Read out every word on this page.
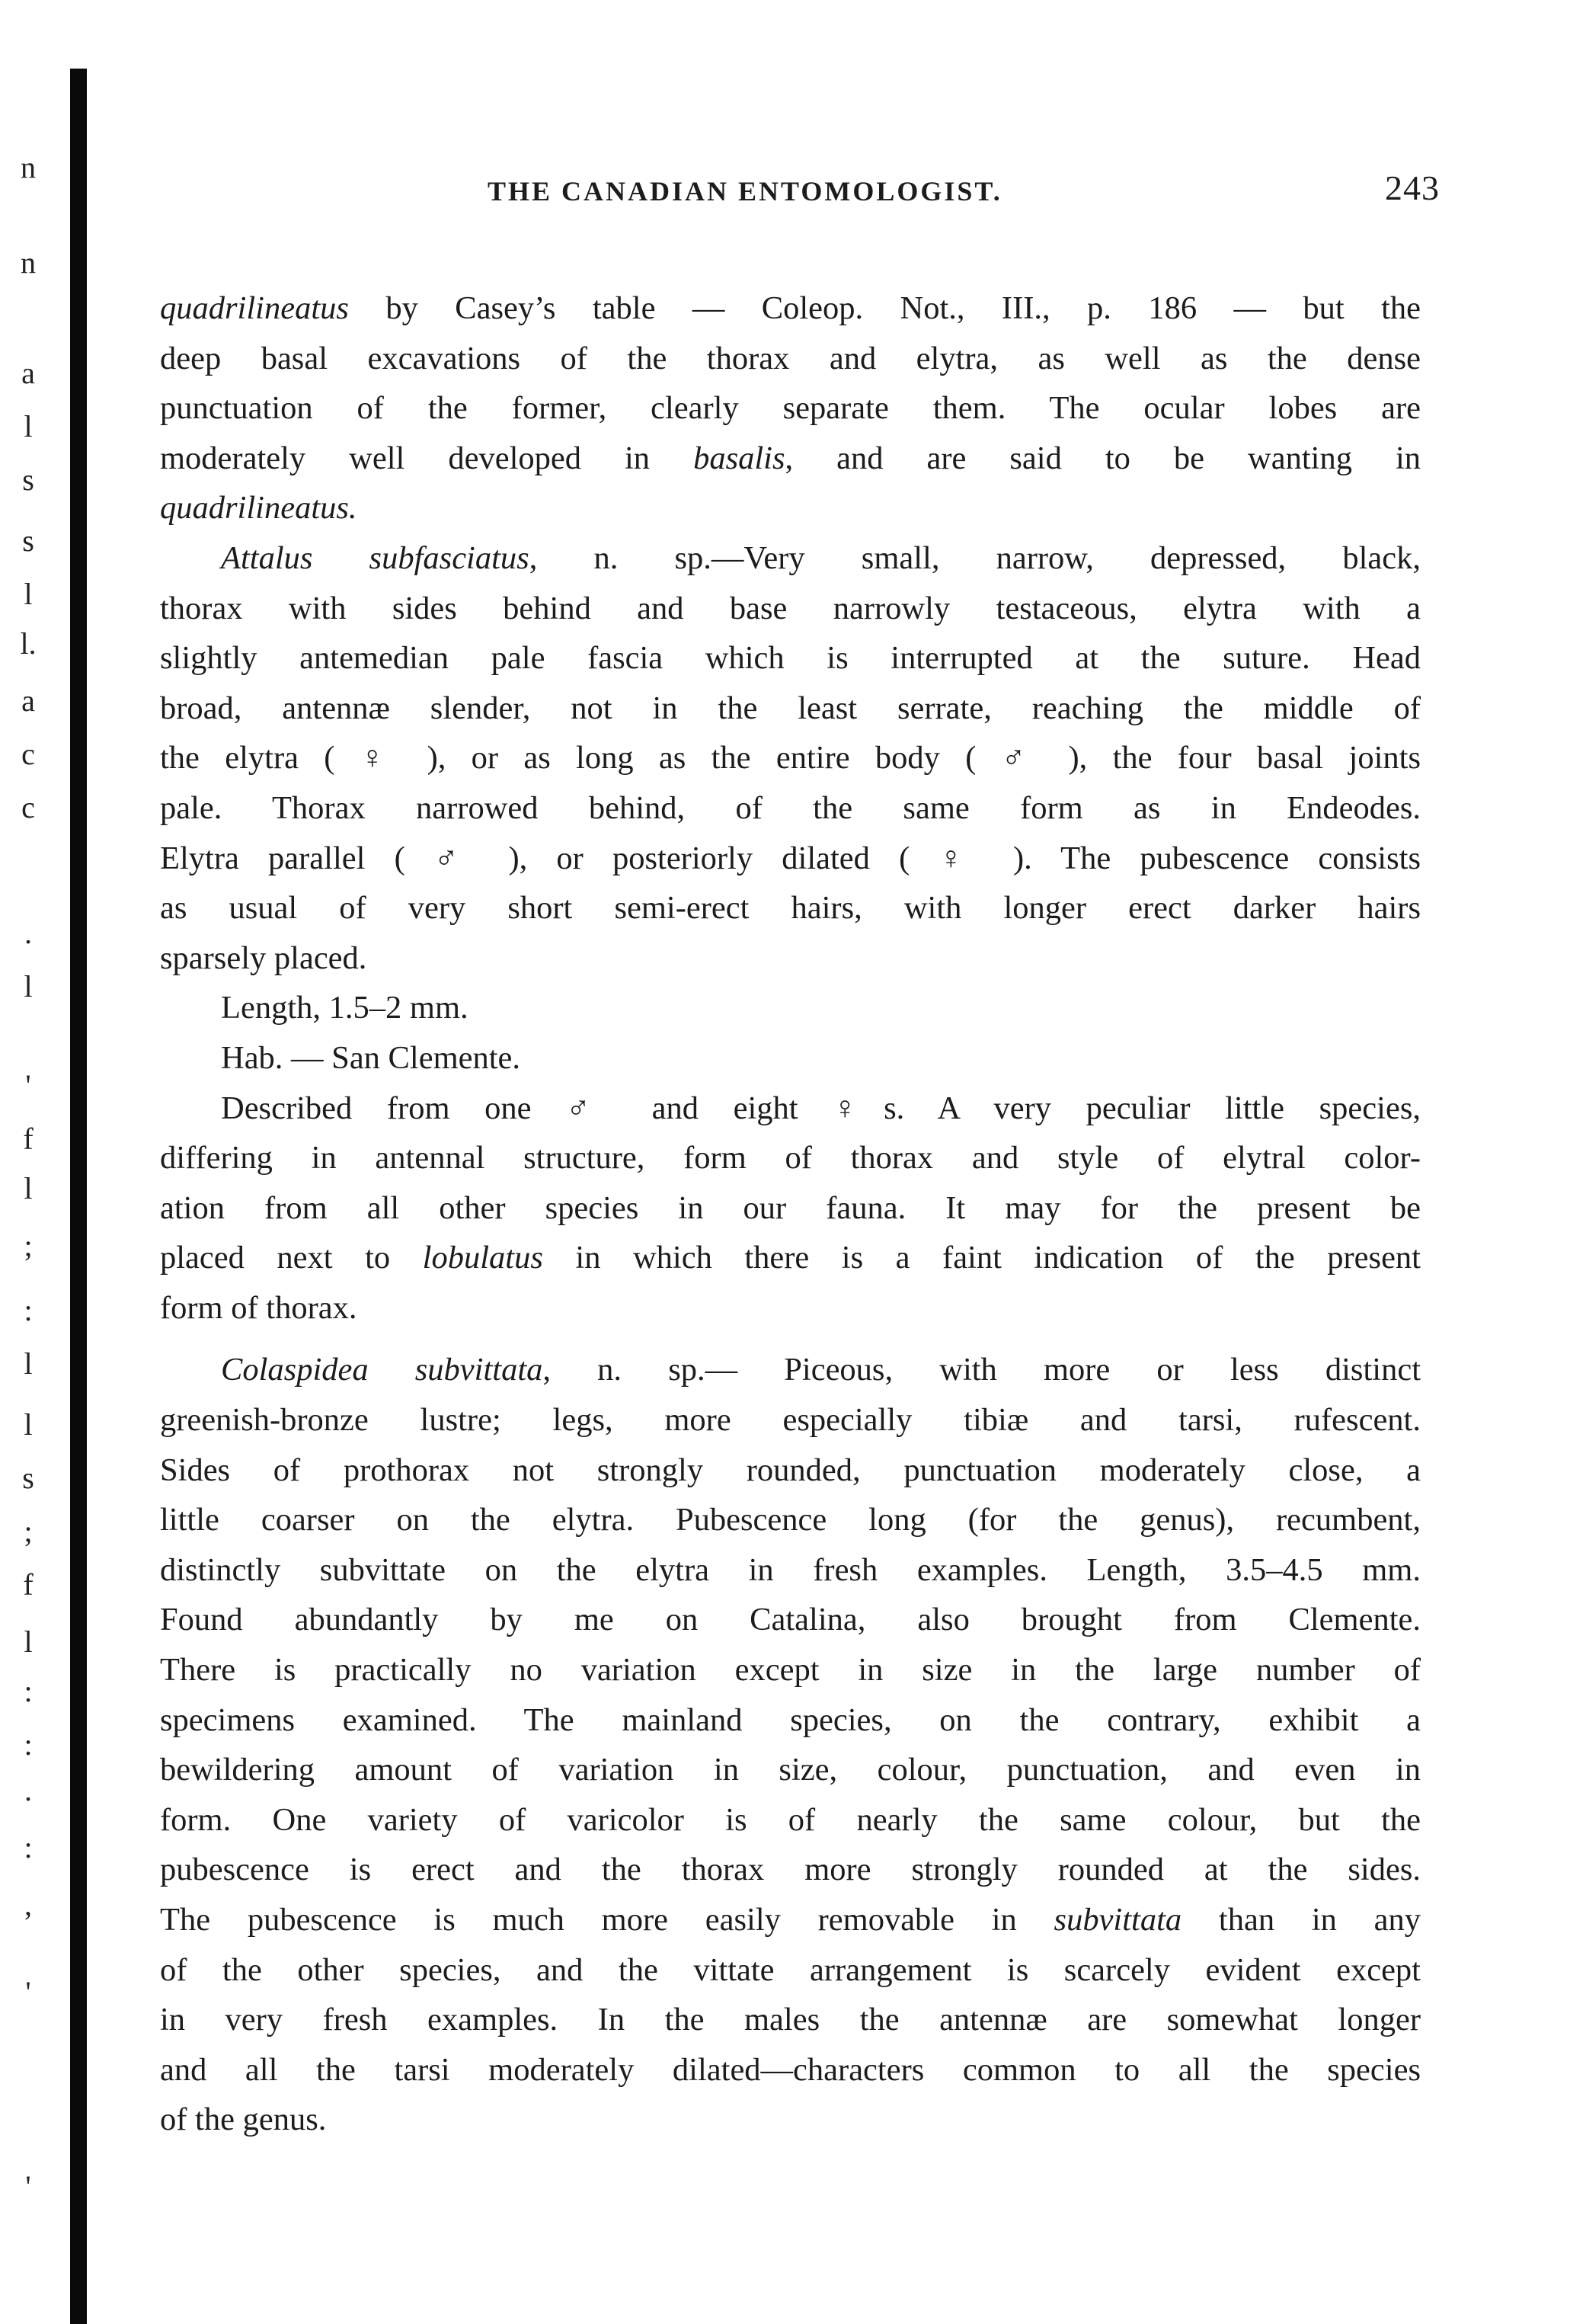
n
n
a
l
s
s
l
l.
a
c
c
.
l
'
f
l
;
:
l
l
s
;
f
l
:
:
.
:
,
'
'
THE CANADIAN ENTOMOLOGIST.	243
quadrilineatus by Casey’s table — Coleop. Not., III., p. 186 — but the
deep basal excavations of the thorax and elytra, as well as the dense
punctuation of the former, clearly separate them. The ocular lobes are
moderately well developed in basalis, and are said to be wanting in
quadrilineatus.
Attalus subfasciatus, n. sp.—Very small, narrow, depressed, black,
thorax with sides behind and base narrowly testaceous, elytra with a
slightly antemedian pale fascia which is interrupted at the suture. Head
broad, antennæ slender, not in the least serrate, reaching the middle of
the elytra ( ♀ ), or as long as the entire body ( ♂ ), the four basal joints
pale. Thorax narrowed behind, of the same form as in Endeodes.
Elytra parallel ( ♂ ), or posteriorly dilated ( ♀ ). The pubescence consists
as usual of very short semi-erect hairs, with longer erect darker hairs
sparsely placed.
Length, 1.5–2 mm.
Hab. — San Clemente.
Described from one ♂ and eight ♀s. A very peculiar little species,
differing in antennal structure, form of thorax and style of elytral color-
ation from all other species in our fauna. It may for the present be
placed next to lobulatus in which there is a faint indication of the present
form of thorax.
Colaspidea subvittata, n. sp.— Piceous, with more or less distinct
greenish-bronze lustre; legs, more especially tibiæ and tarsi, rufescent.
Sides of prothorax not strongly rounded, punctuation moderately close, a
little coarser on the elytra. Pubescence long (for the genus), recumbent,
distinctly subvittate on the elytra in fresh examples. Length, 3.5–4.5 mm.
Found abundantly by me on Catalina, also brought from Clemente.
There is practically no variation except in size in the large number of
specimens examined. The mainland species, on the contrary, exhibit a
bewildering amount of variation in size, colour, punctuation, and even in
form. One variety of varicolor is of nearly the same colour, but the
pubescence is erect and the thorax more strongly rounded at the sides.
The pubescence is much more easily removable in subvittata than in any
of the other species, and the vittate arrangement is scarcely evident except
in very fresh examples. In the males the antennæ are somewhat longer
and all the tarsi moderately dilated—characters common to all the species
of the genus.
